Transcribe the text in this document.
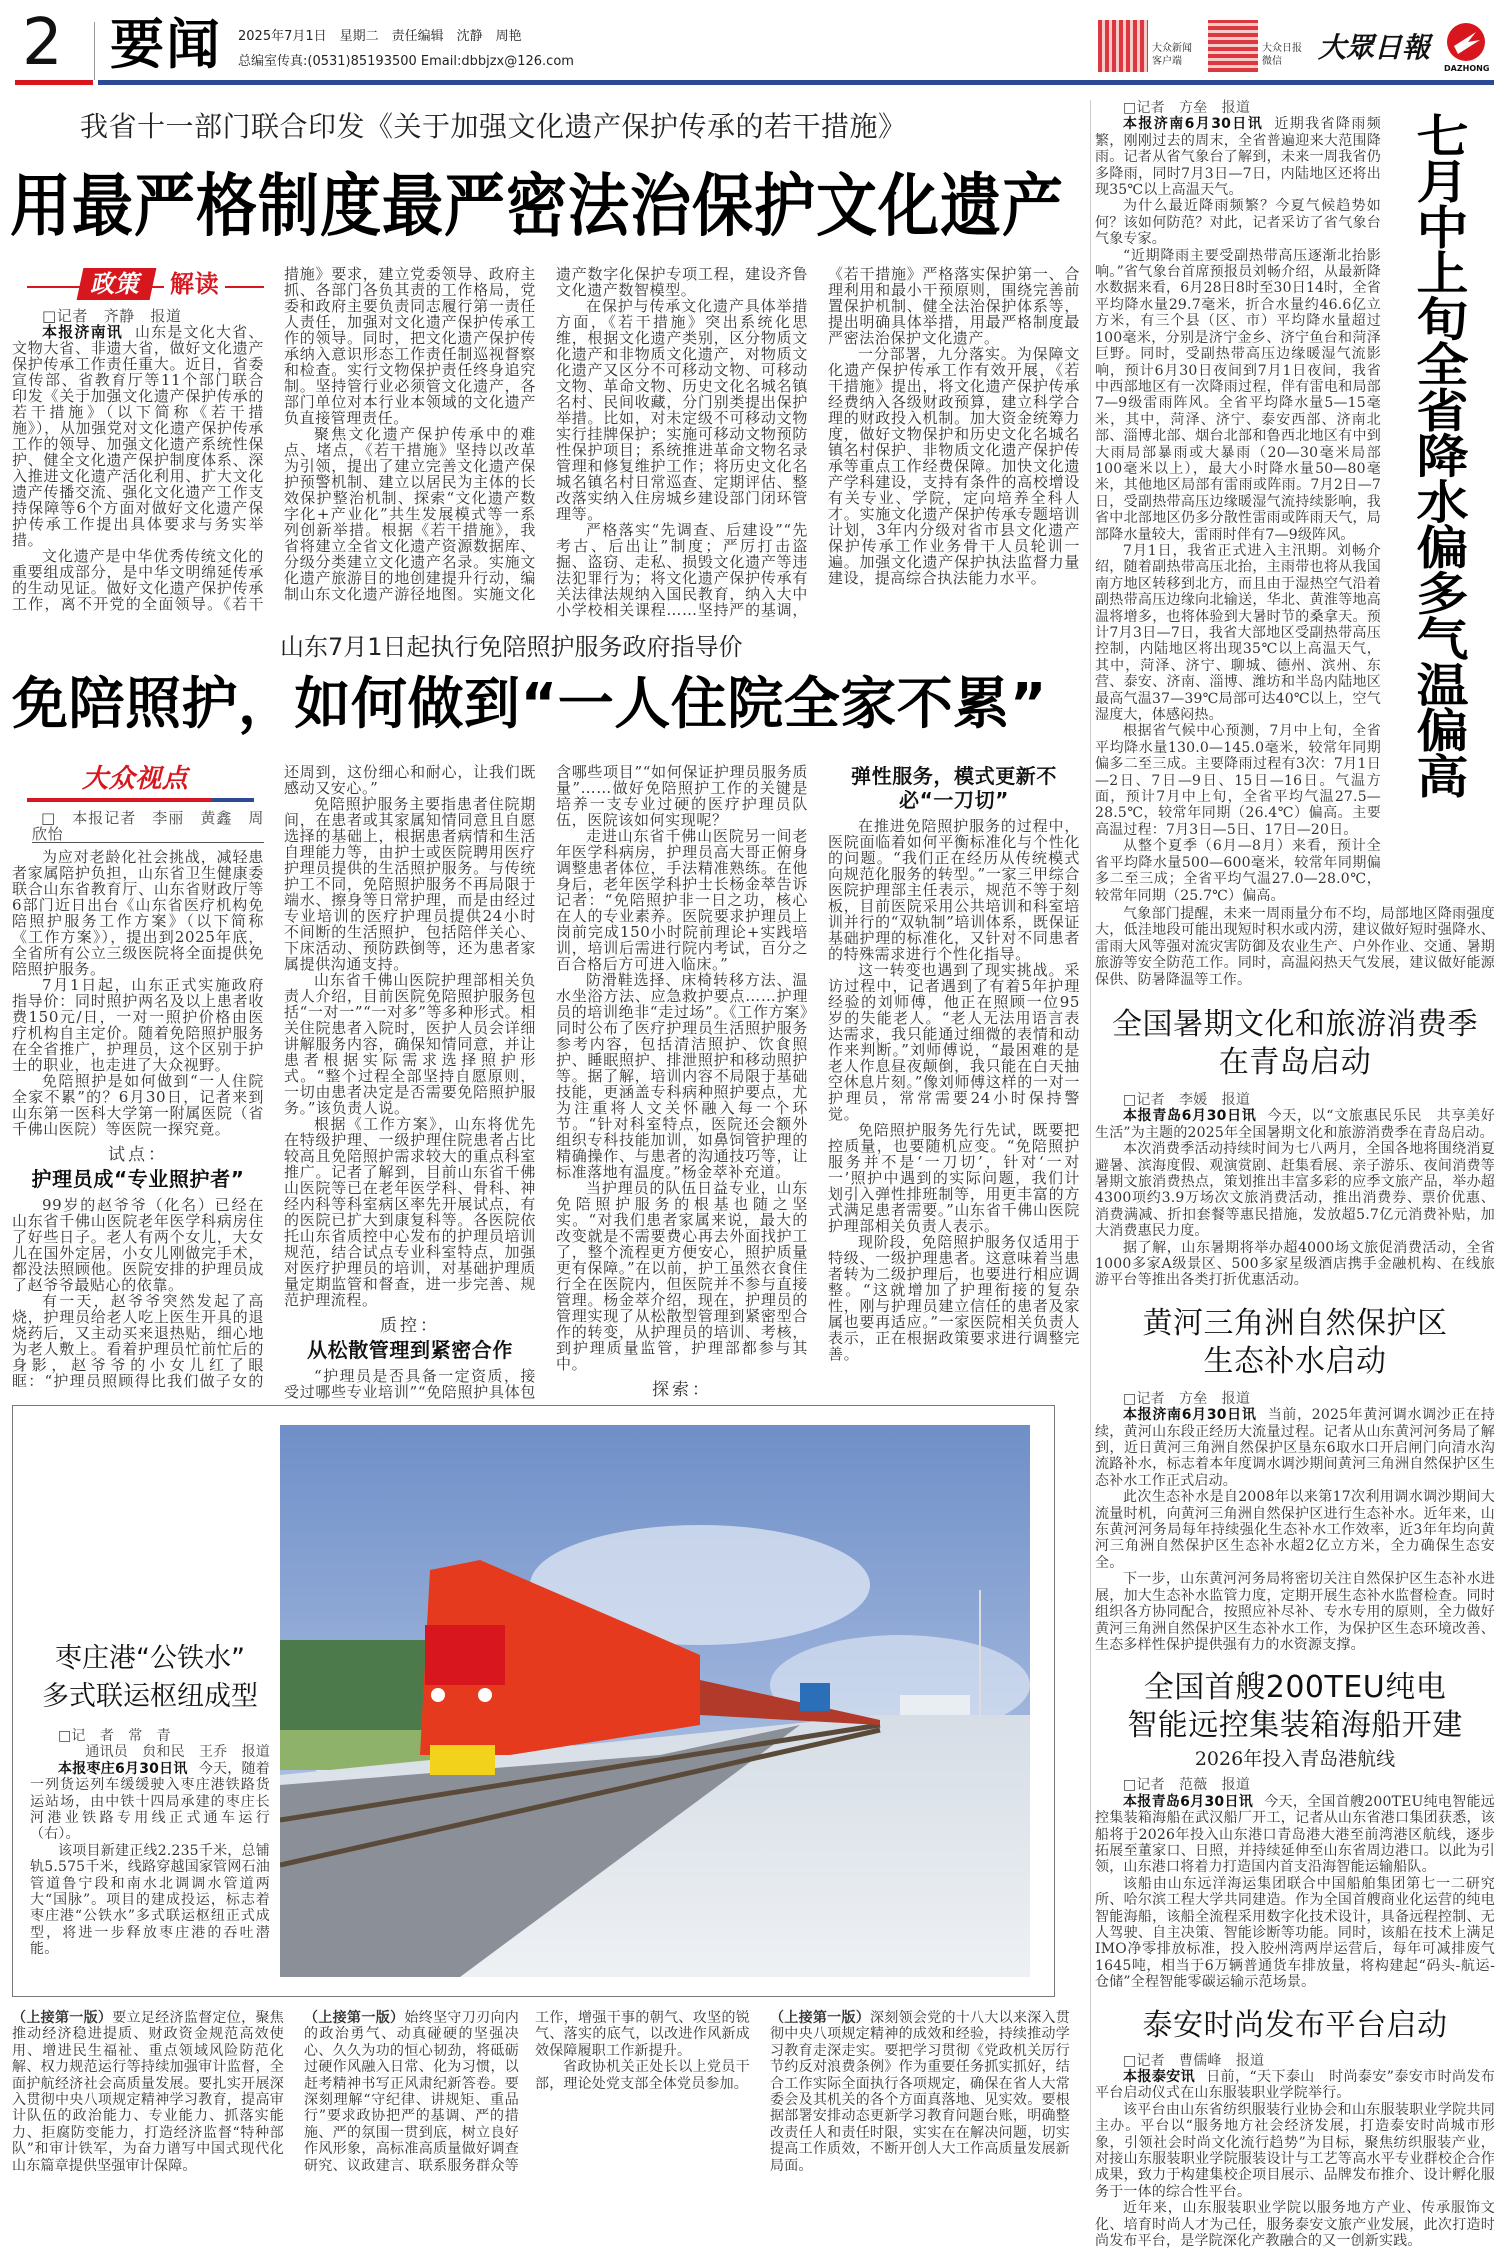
2 要闻 2025年7月1日　星期二　责任编辑　沈静　周艳
总编室传真:(0531)85193500 Email:dbbjzx@126.com
大众新闻
客户端
大众日报
微信	大眾日報
DAZHONG
我省十一部门联合印发《关于加强文化遗产保护传承的若干措施》
用最严格制度最严密法治保护文化遗产
政策	解读

□记者　齐静　报道

本报济南讯 山东是文化大省、文物大省、非遗大省，做好文化遗产保护传承工作责任重大。近日，省委宣传部、省教育厅等11个部门联合印发《关于加强文化遗产保护传承的若干措施》（以下简称《若干措施》），从加强党对文化遗产保护传承工作的领导、加强文化遗产系统性保护、健全文化遗产保护制度体系、深入推进文化遗产活化利用、扩大文化遗产传播交流、强化文化遗产工作支持保障等6个方面对做好文化遗产保护传承工作提出具体要求与务实举措。

文化遗产是中华优秀传统文化的重要组成部分，是中华文明绵延传承的生动见证。做好文化遗产保护传承工作，离不开党的全面领导。《若干措施》要求，建立党委领导、政府主抓、各部门各负其责的工作格局，党委和政府主要负责同志履行第一责任人责任，加强对文化遗产保护传承工作的领导。同时，把文化遗产保护传承纳入意识形态工作责任制巡视督察和检查。实行文物保护责任终身追究制。坚持管行业必须管文化遗产，各部门单位对本行业本领域的文化遗产负直接管理责任。

聚焦文化遗产保护传承中的难点、堵点，《若干措施》坚持以改革为引领，提出了建立完善文化遗产保护预警机制、建立以居民为主体的长效保护整治机制、探索“文化遗产数字化+产业化”共生发展模式等一系列创新举措。根据《若干措施》，我省将建立全省文化遗产资源数据库、分级分类建立文化遗产名录。实施文化遗产旅游目的地创建提升行动，编制山东文化遗产游径地图。实施文化遗产数字化保护专项工程，建设齐鲁文化遗产数智模型。

在保护与传承文化遗产具体举措方面，《若干措施》突出系统化思维，根据文化遗产类别，区分物质文化遗产和非物质文化遗产，对物质文化遗产又区分不可移动文物、可移动文物、革命文物、历史文化名城名镇名村、民间收藏，分门别类提出保护举措。比如，对未定级不可移动文物实行挂牌保护；实施可移动文物预防性保护项目；系统推进革命文物名录管理和修复维护工作；将历史文化名城名镇名村日常巡查、定期评估、整改落实纳入住房城乡建设部门闭环管理等。

严格落实“先调查、后建设”“先考古、后出让”制度；严厉打击盗掘、盗窃、走私、损毁文化遗产等违法犯罪行为；将文化遗产保护传承有关法律法规纳入国民教育，纳入大中小学校相关课程……坚持严的基调，《若干措施》严格落实保护第一、合理利用和最小干预原则，围绕完善前置保护机制、健全法治保护体系等，提出明确具体举措，用最严格制度最严密法治保护文化遗产。

一分部署，九分落实。为保障文化遗产保护传承工作有效开展，《若干措施》提出，将文化遗产保护传承经费纳入各级财政预算，建立科学合理的财政投入机制。加大资金统筹力度，做好文物保护和历史文化名城名镇名村保护、非物质文化遗产保护传承等重点工作经费保障。加快文化遗产学科建设，支持有条件的高校增设有关专业、学院，定向培养全科人才。实施文化遗产保护传承专题培训计划，3年内分级对省市县文化遗产保护传承工作业务骨干人员轮训一遍。加强文化遗产保护执法监督力量建设，提高综合执法能力水平。

山东7月1日起执行免陪照护服务政府指导价
免陪照护，如何做到“一人住院全家不累”
大众视点

□　本报记者　李丽　黄鑫　周欣怡

为应对老龄化社会挑战，减轻患者家属陪护负担，山东省卫生健康委联合山东省教育厅、山东省财政厅等6部门近日出台《山东省医疗机构免陪照护服务工作方案》（以下简称《工作方案》），提出到2025年底，全省所有公立三级医院将全面提供免陪照护服务。

7月1日起，山东正式实施政府指导价：同时照护两名及以上患者收费150元/日，一对一照护价格由医疗机构自主定价。随着免陪照护服务在全省推广，护理员，这个区别于护士的职业，也走进了大众视野。

免陪照护是如何做到“一人住院全家不累”的？6月30日，记者来到山东第一医科大学第一附属医院（省千佛山医院）等医院一探究竟。

试点：

护理员成“专业照护者”

99岁的赵爷爷（化名）已经在山东省千佛山医院老年医学科病房住了好些日子。老人有两个女儿，大女儿在国外定居，小女儿刚做完手术，都没法照顾他。医院安排的护理员成了赵爷爷最贴心的依靠。

有一天，赵爷爷突然发起了高烧，护理员给老人吃上医生开具的退烧药后，又主动买来退热贴，细心地为老人敷上。看着护理员忙前忙后的身影，赵爷爷的小女儿红了眼眶：“护理员照顾得比我们做子女的还周到，这份细心和耐心，让我们既感动又安心。”

免陪照护服务主要指患者住院期间，在患者或其家属知情同意且自愿选择的基础上，根据患者病情和生活自理能力等，由护士或医院聘用医疗护理员提供的生活照护服务。与传统护工不同，免陪照护服务不再局限于端水、擦身等日常护理，而是由经过专业培训的医疗护理员提供24小时不间断的生活照护，包括陪伴关心、下床活动、预防跌倒等，还为患者家属提供沟通支持。

山东省千佛山医院护理部相关负责人介绍，目前医院免陪照护服务包括“一对一”“一对多”等多种形式。相关住院患者入院时，医护人员会详细讲解服务内容，确保知情同意，并让患者根据实际需求选择照护形式。“整个过程全部坚持自愿原则，一切由患者决定是否需要免陪照护服务。”该负责人说。

根据《工作方案》，山东将优先在特级护理、一级护理住院患者占比较高且免陪照护需求较大的重点科室推广。记者了解到，目前山东省千佛山医院等已在老年医学科、骨科、神经内科等科室病区率先开展试点，有的医院已扩大到康复科等。各医院依托山东省质控中心发布的护理员培训规范，结合试点专业科室特点，加强对医疗护理员的培训，对基础护理质量定期监管和督查，进一步完善、规范护理流程。

质控：

从松散管理到紧密合作

“护理员是否具备一定资质，接受过哪些专业培训”“免陪照护具体包含哪些项目”“如何保证护理员服务质量”……做好免陪照护工作的关键是培养一支专业过硬的医疗护理员队伍，医院该如何实现呢？

走进山东省千佛山医院另一间老年医学科病房，护理员高大哥正俯身调整患者体位，手法精准熟练。在他身后，老年医学科护士长杨金萃告诉记者：“免陪照护非一日之功，核心在人的专业素养。医院要求护理员上岗前完成150小时院前理论+实践培训，培训后需进行院内考试，百分之百合格后方可进入临床。”

防滑鞋选择、床椅转移方法、温水坐浴方法、应急救护要点……护理员的培训绝非“走过场”。《工作方案》同时公布了医疗护理员生活照护服务参考内容，包括清洁照护、饮食照护、睡眠照护、排泄照护和移动照护等。据了解，培训内容不局限于基础技能，更涵盖专科病种照护要点，尤为注重将人文关怀融入每一个环节。“针对科室特点，医院还会额外组织专科技能加训，如鼻饲管护理的精确操作、与患者的沟通技巧等，让标准落地有温度。”杨金萃补充道。

当护理员的队伍日益专业，山东免陪照护服务的根基也随之坚实。“对我们患者家属来说，最大的改变就是不需要费心再去外面找护工了，整个流程更方便安心，照护质量更有保障。”在以前，护工虽然衣食住行全在医院内，但医院并不参与直接管理。杨金萃介绍，现在，护理员的管理实现了从松散型管理到紧密型合作的转变，从护理员的培训、考核，到护理质量监管，护理部都参与其中。

探索：

弹性服务，模式更新不必“一刀切”

在推进免陪照护服务的过程中，医院面临着如何平衡标准化与个性化的问题。“我们正在经历从传统模式向规范化服务的转型。”一家三甲综合医院护理部主任表示，规范不等于刻板，目前医院采用公共培训和科室培训并行的“双轨制”培训体系，既保证基础护理的标准化，又针对不同患者的特殊需求进行个性化指导。

这一转变也遇到了现实挑战。采访过程中，记者遇到了有着5年护理经验的刘师傅，他正在照顾一位95岁的失能老人。“老人无法用语言表达需求，我只能通过细微的表情和动作来判断。”刘师傅说，“最困难的是老人作息昼夜颠倒，我只能在白天抽空休息片刻。”像刘师傅这样的一对一护理员，常常需要24小时保持警觉。

免陪照护服务先行先试，既要把控质量，也要随机应变。“免陪照护服务并不是‘一刀切’，针对‘一对一’照护中遇到的实际问题，我们计划引入弹性排班制等，用更丰富的方式满足患者需要。”山东省千佛山医院护理部相关负责人表示。

现阶段，免陪照护服务仅适用于特级、一级护理患者。这意味着当患者转为二级护理后，也要进行相应调整。“这就增加了护理衔接的复杂性，刚与护理员建立信任的患者及家属也要再适应。”一家医院相关负责人表示，正在根据政策要求进行调整完善。

枣庄港“公铁水”
多式联运枢纽成型

□记　者　常　青

通讯员　贠和民　王乔　报道

本报枣庄6月30日讯 今天，随着一列货运列车缓缓驶入枣庄港铁路货运站场，由中铁十四局承建的枣庄长河港业铁路专用线正式通车运行（右）。

该项目新建正线2.235千米，总铺轨5.575千米，线路穿越国家管网石油管道鲁宁段和南水北调调水管道两大“国脉”。项目的建成投运，标志着枣庄港“公铁水”多式联运枢纽正式成型，将进一步释放枣庄港的吞吐潜能。

（上接第一版）要立足经济监督定位，聚焦推动经济稳进提质、财政资金规范高效使用、增进民生福祉、重点领域风险防范化解、权力规范运行等持续加强审计监督，全面护航经济社会高质量发展。要扎实开展深入贯彻中央八项规定精神学习教育，提高审计队伍的政治能力、专业能力、抓落实能力、拒腐防变能力，打造经济监督“特种部队”和审计铁军，为奋力谱写中国式现代化山东篇章提供坚强审计保障。

（上接第一版）始终坚守刀刃向内的政治勇气、动真碰硬的坚强决心、久久为功的恒心韧劲，将砥砺过硬作风融入日常、化为习惯，以赶考精神书写正风肃纪新答卷。要深刻理解“守纪律、讲规矩、重品行”要求政协把严的基调、严的措施、严的氛围一贯到底，树立良好作风形象，高标准高质量做好调查研究、议政建言、联系服务群众等工作，增强干事的朝气、攻坚的锐气、落实的底气，以改进作风新成效保障履职工作新提升。

省政协机关正处长以上党员干部，理论处党支部全体党员参加。

（上接第一版）深刻领会党的十八大以来深入贯彻中央八项规定精神的成效和经验，持续推动学习教育走深走实。要把学习贯彻《党政机关厉行节约反对浪费条例》作为重要任务抓实抓好，结合工作实际全面执行各项规定，确保在省人大常委会及其机关的各个方面真落地、见实效。要根据部署安排动态更新学习教育问题台账，明确整改责任人和责任时限，实实在在解决问题，切实提高工作质效，不断开创人大工作高质量发展新局面。

□记者　方垒　报道

本报济南6月30日讯 近期我省降雨频繁，刚刚过去的周末，全省普遍迎来大范围降雨。记者从省气象台了解到，未来一周我省仍多降雨，同时7月3日—7日，内陆地区还将出现35℃以上高温天气。

为什么最近降雨频繁？今夏气候趋势如何？该如何防范？对此，记者采访了省气象台气象专家。

“近期降雨主要受副热带高压逐渐北抬影响。”省气象台首席预报员刘畅介绍，从最新降水数据来看，6月28日8时至30日14时，全省平均降水量29.7毫米，折合水量约46.6亿立方米，有三个县（区、市）平均降水量超过100毫米，分别是济宁金乡、济宁鱼台和菏泽巨野。同时，受副热带高压边缘暖湿气流影响，预计6月30日夜间到7月1日夜间，我省中西部地区有一次降雨过程，伴有雷电和局部7—9级雷雨阵风。全省平均降水量5—15毫米，其中，菏泽、济宁、泰安西部、济南北部、淄博北部、烟台北部和鲁西北地区有中到大雨局部暴雨或大暴雨（20—30毫米局部100毫米以上），最大小时降水量50—80毫米，其他地区局部有雷雨或阵雨。7月2日—7日，受副热带高压边缘暖湿气流持续影响，我省中北部地区仍多分散性雷雨或阵雨天气，局部降水量较大，雷雨时伴有7—9级阵风。

7月1日，我省正式进入主汛期。刘畅介绍，随着副热带高压北抬，主雨带也将从我国南方地区转移到北方，而且由于湿热空气沿着副热带高压边缘向北输送，华北、黄淮等地高温将增多，也将体验到大暑时节的桑拿天。预计7月3日—7日，我省大部地区受副热带高压控制，内陆地区将出现35℃以上高温天气，其中，菏泽、济宁、聊城、德州、滨州、东营、泰安、济南、淄博、潍坊和半岛内陆地区最高气温37—39℃局部可达40℃以上，空气湿度大，体感闷热。

根据省气候中心预测，7月中上旬，全省平均降水量130.0—145.0毫米，较常年同期偏多二至三成。主要降雨过程有3次：7月1日—2日、7日—9日、15日—16日。气温方面，预计7月中上旬，全省平均气温27.5—28.5℃，较常年同期（26.4℃）偏高。主要高温过程：7月3日—5日、17日—20日。

从整个夏季（6月—8月）来看，预计全省平均降水量500—600毫米，较常年同期偏多二至三成；全省平均气温27.0—28.0℃，较常年同期（25.7℃）偏高。

七月中上旬全省降水偏多气温偏高

气象部门提醒，未来一周雨量分布不均，局部地区降雨强度大，低洼地段可能出现短时积水或内涝，建议做好短时强降水、雷雨大风等强对流灾害防御及农业生产、户外作业、交通、暑期旅游等安全防范工作。同时，高温闷热天气发展，建议做好能源保供、防暑降温等工作。

全国暑期文化和旅游消费季
在青岛启动

□记者　李媛　报道

本报青岛6月30日讯 今天，以“文旅惠民乐民　共享美好生活”为主题的2025年全国暑期文化和旅游消费季在青岛启动。

本次消费季活动持续时间为七八两月，全国各地将围绕消夏避暑、滨海度假、观演赏剧、赶集看展、亲子游乐、夜间消费等暑期文旅消费热点，策划推出丰富多彩的应季文旅产品，举办超4300项约3.9万场次文旅消费活动，推出消费券、票价优惠、消费满减、折扣套餐等惠民措施，发放超5.7亿元消费补贴，加大消费惠民力度。

据了解，山东暑期将举办超4000场文旅促消费活动，全省1000多家A级景区、500多家星级酒店携手金融机构、在线旅游平台等推出各类打折优惠活动。

黄河三角洲自然保护区
生态补水启动

□记者　方垒　报道

本报济南6月30日讯 当前，2025年黄河调水调沙正在持续，黄河山东段正经历大流量过程。记者从山东黄河河务局了解到，近日黄河三角洲自然保护区垦东6取水口开启闸门向清水沟流路补水，标志着本年度调水调沙期间黄河三角洲自然保护区生态补水工作正式启动。

此次生态补水是自2008年以来第17次利用调水调沙期间大流量时机，向黄河三角洲自然保护区进行生态补水。近年来，山东黄河河务局每年持续强化生态补水工作效率，近3年年均向黄河三角洲自然保护区生态补水超2亿立方米，全力确保生态安全。

下一步，山东黄河河务局将密切关注自然保护区生态补水进展，加大生态补水监管力度，定期开展生态补水监督检查。同时组织各方协同配合，按照应补尽补、专水专用的原则，全力做好黄河三角洲自然保护区生态补水工作，为保护区生态环境改善、生态多样性保护提供强有力的水资源支撑。

全国首艘200TEU纯电
智能远控集装箱海船开建
2026年投入青岛港航线

□记者　范薇　报道

本报青岛6月30日讯 今天，全国首艘200TEU纯电智能远控集装箱海船在武汉船厂开工，记者从山东省港口集团获悉，该船将于2026年投入山东港口青岛港大港至前湾港区航线，逐步拓展至董家口、日照，并持续延伸至山东省周边港口。以此为引领，山东港口将着力打造国内首支沿海智能运输船队。

该船由山东远洋海运集团联合中国船舶集团第七一二研究所、哈尔滨工程大学共同建造。作为全国首艘商业化运营的纯电智能海船，该船全流程采用数字化技术设计，具备远程控制、无人驾驶、自主决策、智能诊断等功能。同时，该船在技术上满足IMO净零排放标准，投入胶州湾两岸运营后，每年可减排废气1645吨，相当于6万辆普通货车排放量，将构建起“码头-航运-仓储”全程智能零碳运输示范场景。

泰安时尚发布平台启动

□记者　曹儒峰　报道

本报泰安讯 日前，“天下泰山　时尚泰安”泰安市时尚发布平台启动仪式在山东服装职业学院举行。

该平台由山东省纺织服装行业协会和山东服装职业学院共同主办。平台以“服务地方社会经济发展，打造泰安时尚城市形象，引领社会时尚文化流行趋势”为目标，聚焦纺织服装产业，对接山东服装职业学院服装设计与工艺等高水平专业群校企合作成果，致力于构建集校企项目展示、品牌发布推介、设计孵化服务于一体的综合性平台。

近年来，山东服装职业学院以服务地方产业、传承服饰文化、培育时尚人才为己任，服务泰安文旅产业发展，此次打造时尚发布平台，是学院深化产教融合的又一创新实践。
